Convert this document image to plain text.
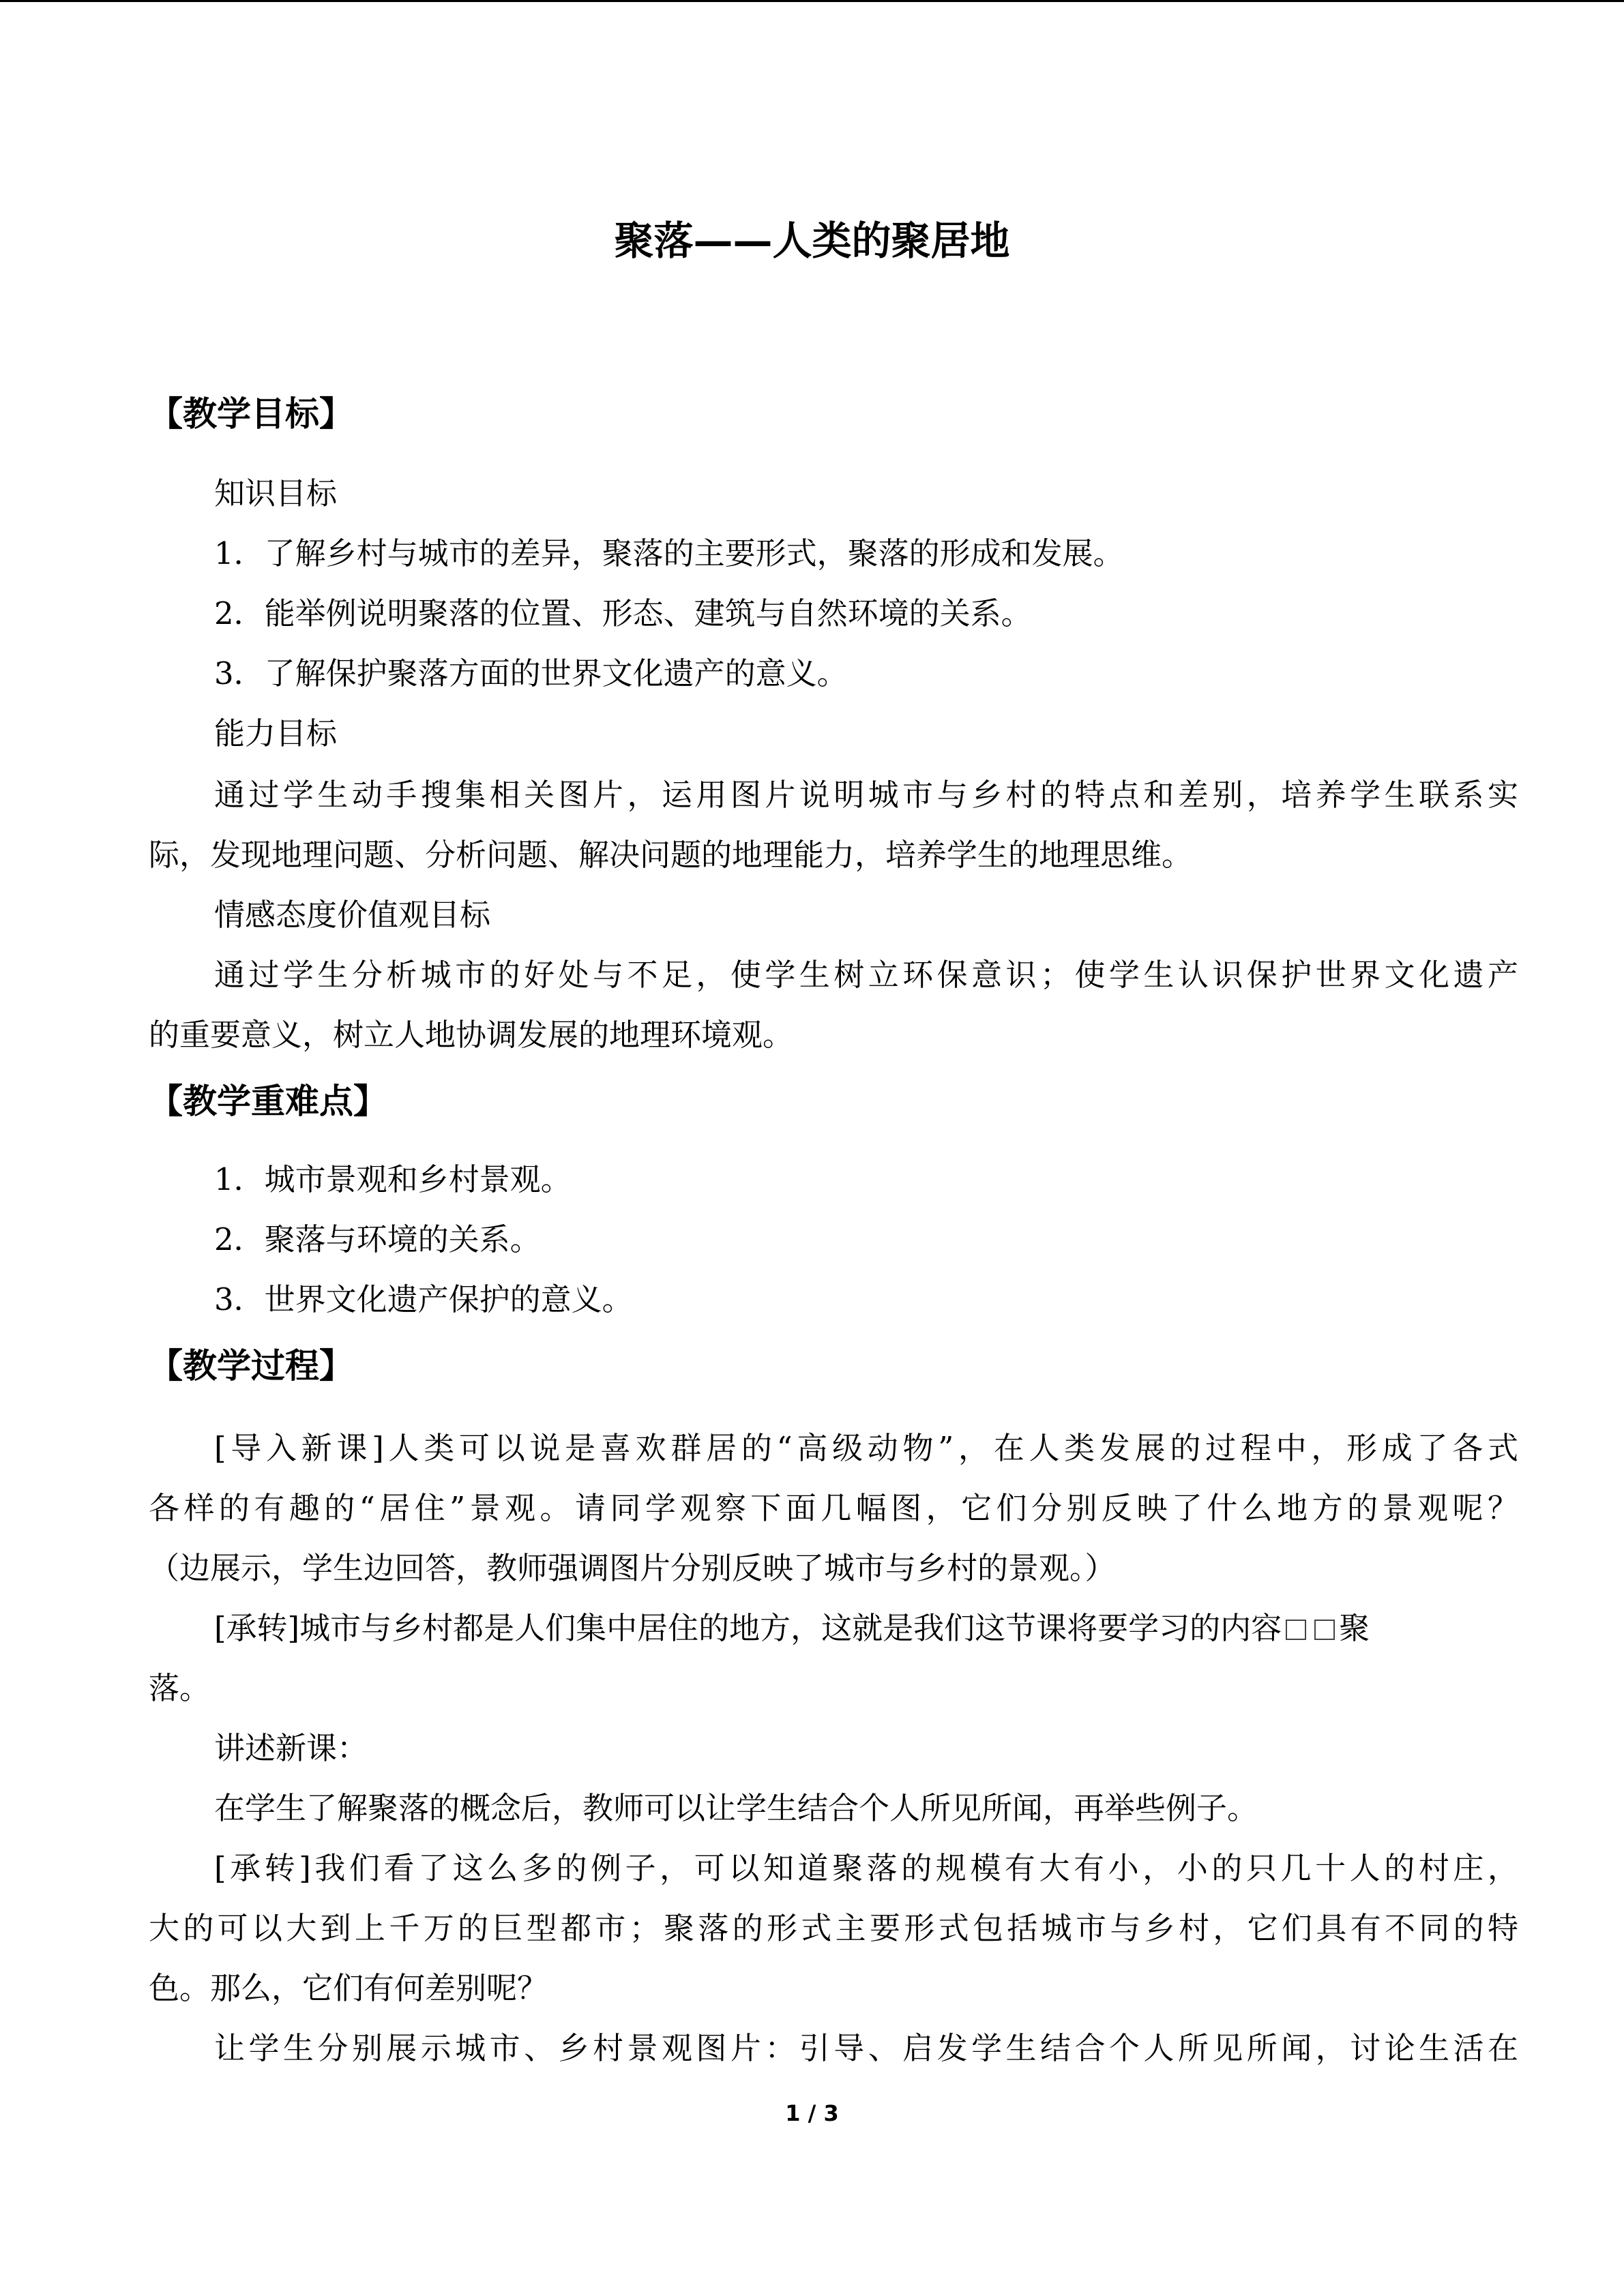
聚落——人类的聚居地
【教学目标】
知识目标
1．了解乡村与城市的差异，聚落的主要形式，聚落的形成和发展。
2．能举例说明聚落的位置、形态、建筑与自然环境的关系。
3．了解保护聚落方面的世界文化遗产的意义。
能力目标
通过学生动手搜集相关图片，运用图片说明城市与乡村的特点和差别，培养学生联系实
际，发现地理问题、分析问题、解决问题的地理能力，培养学生的地理思维。
情感态度价值观目标
通过学生分析城市的好处与不足，使学生树立环保意识；使学生认识保护世界文化遗产
的重要意义，树立人地协调发展的地理环境观。
【教学重难点】
1．城市景观和乡村景观。
2．聚落与环境的关系。
3．世界文化遗产保护的意义。
【教学过程】
[导入新课]人类可以说是喜欢群居的“高级动物”，在人类发展的过程中，形成了各式
各样的有趣的“居住”景观。请同学观察下面几幅图，它们分别反映了什么地方的景观呢？
（边展示，学生边回答，教师强调图片分别反映了城市与乡村的景观。）
[承转]城市与乡村都是人们集中居住的地方，这就是我们这节课将要学习的内容 聚
落。
讲述新课：
在学生了解聚落的概念后，教师可以让学生结合个人所见所闻，再举些例子。
[承转]我们看了这么多的例子，可以知道聚落的规模有大有小，小的只几十人的村庄，
大的可以大到上千万的巨型都市；聚落的形式主要形式包括城市与乡村，它们具有不同的特
色。那么，它们有何差别呢？
让学生分别展示城市、乡村景观图片：引导、启发学生结合个人所见所闻，讨论生活在
1 / 3
